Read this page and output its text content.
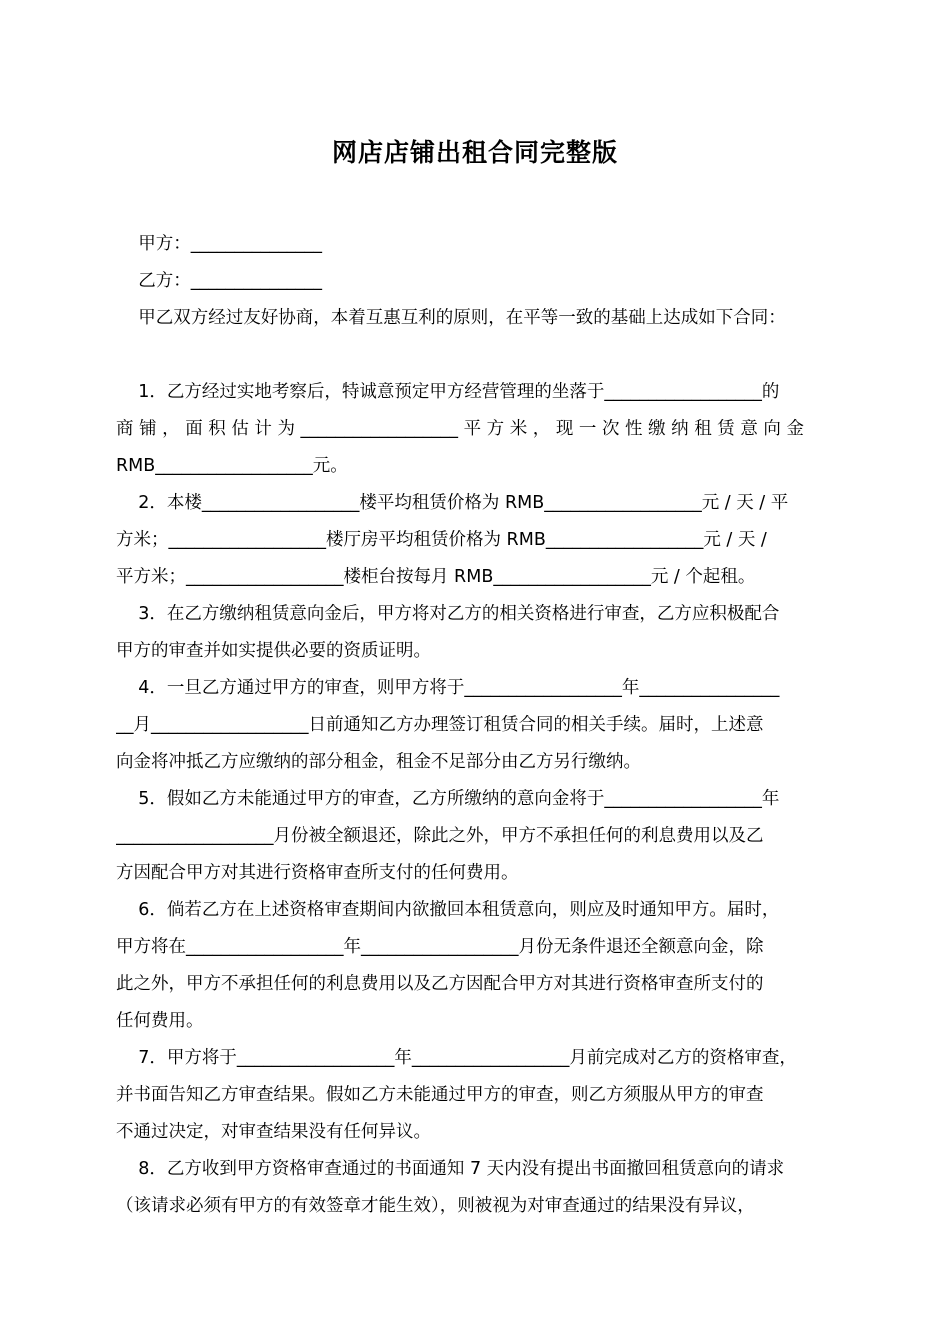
网店店铺出租合同完整版
甲方：_______________
乙方：_______________
甲乙双方经过友好协商，本着互惠互利的原则，在平等一致的基础上达成如下合同：
1．乙方经过实地考察后，特诚意预定甲方经营管理的坐落于__________________的
商 铺 ， 面 积 估 计 为 __________________ 平 方 米 ， 现 一 次 性 缴 纳 租 赁 意 向 金
RMB__________________元。
2．本楼__________________楼平均租赁价格为 RMB__________________元 / 天 / 平
方米；__________________楼厅房平均租赁价格为 RMB__________________元 / 天 /
平方米；__________________楼柜台按每月 RMB__________________元 / 个起租。
3．在乙方缴纳租赁意向金后，甲方将对乙方的相关资格进行审查，乙方应积极配合
甲方的审查并如实提供必要的资质证明。
4．一旦乙方通过甲方的审查，则甲方将于__________________年________________
__月__________________日前通知乙方办理签订租赁合同的相关手续。届时，上述意
向金将冲抵乙方应缴纳的部分租金，租金不足部分由乙方另行缴纳。
5．假如乙方未能通过甲方的审查，乙方所缴纳的意向金将于__________________年
__________________月份被全额退还，除此之外，甲方不承担任何的利息费用以及乙
方因配合甲方对其进行资格审查所支付的任何费用。
6．倘若乙方在上述资格审查期间内欲撤回本租赁意向，则应及时通知甲方。届时，
甲方将在__________________年__________________月份无条件退还全额意向金，除
此之外，甲方不承担任何的利息费用以及乙方因配合甲方对其进行资格审查所支付的
任何费用。
7．甲方将于__________________年__________________月前完成对乙方的资格审查，
并书面告知乙方审查结果。假如乙方未能通过甲方的审查，则乙方须服从甲方的审查
不通过决定，对审查结果没有任何异议。
8．乙方收到甲方资格审查通过的书面通知 7 天内没有提出书面撤回租赁意向的请求
（该请求必须有甲方的有效签章才能生效），则被视为对审查通过的结果没有异议，
